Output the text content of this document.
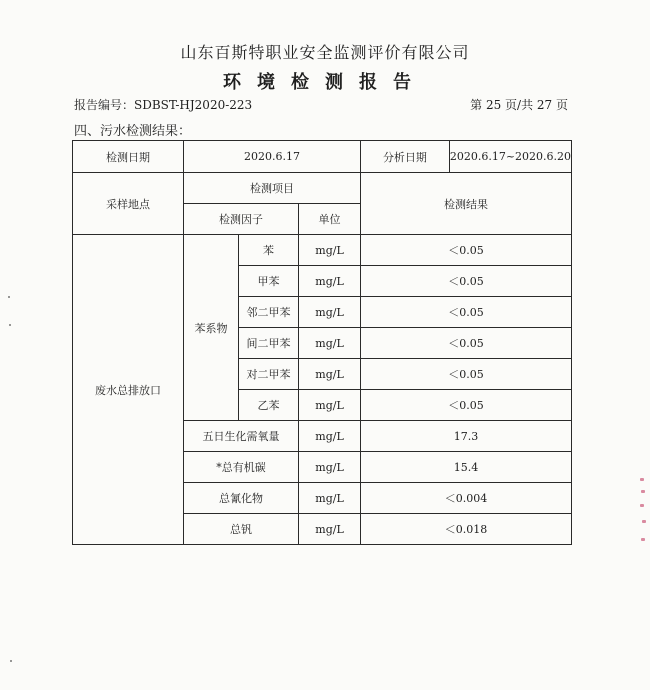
山东百斯特职业安全监测评价有限公司
环境检测报告
报告编号：SDBST-HJ2020-223	第 25 页/共 27 页
四、污水检测结果：
检测日期	2020.6.17			分析日期 2020.6.17~2020.6.20

采样地点	检测项目			检测结果
	检测因子		单位	
废水总排放口	苯系物	苯	mg/L	＜0.05
		甲苯	mg/L	＜0.05
		邻二甲苯	mg/L	＜0.05
		间二甲苯	mg/L	＜0.05
		对二甲苯	mg/L	＜0.05
		乙苯	mg/L	＜0.05
	五日生化需氧量		mg/L	17.3
	*总有机碳		mg/L	15.4
	总氰化物		mg/L	＜0.004
	总钒		mg/L	＜0.018
